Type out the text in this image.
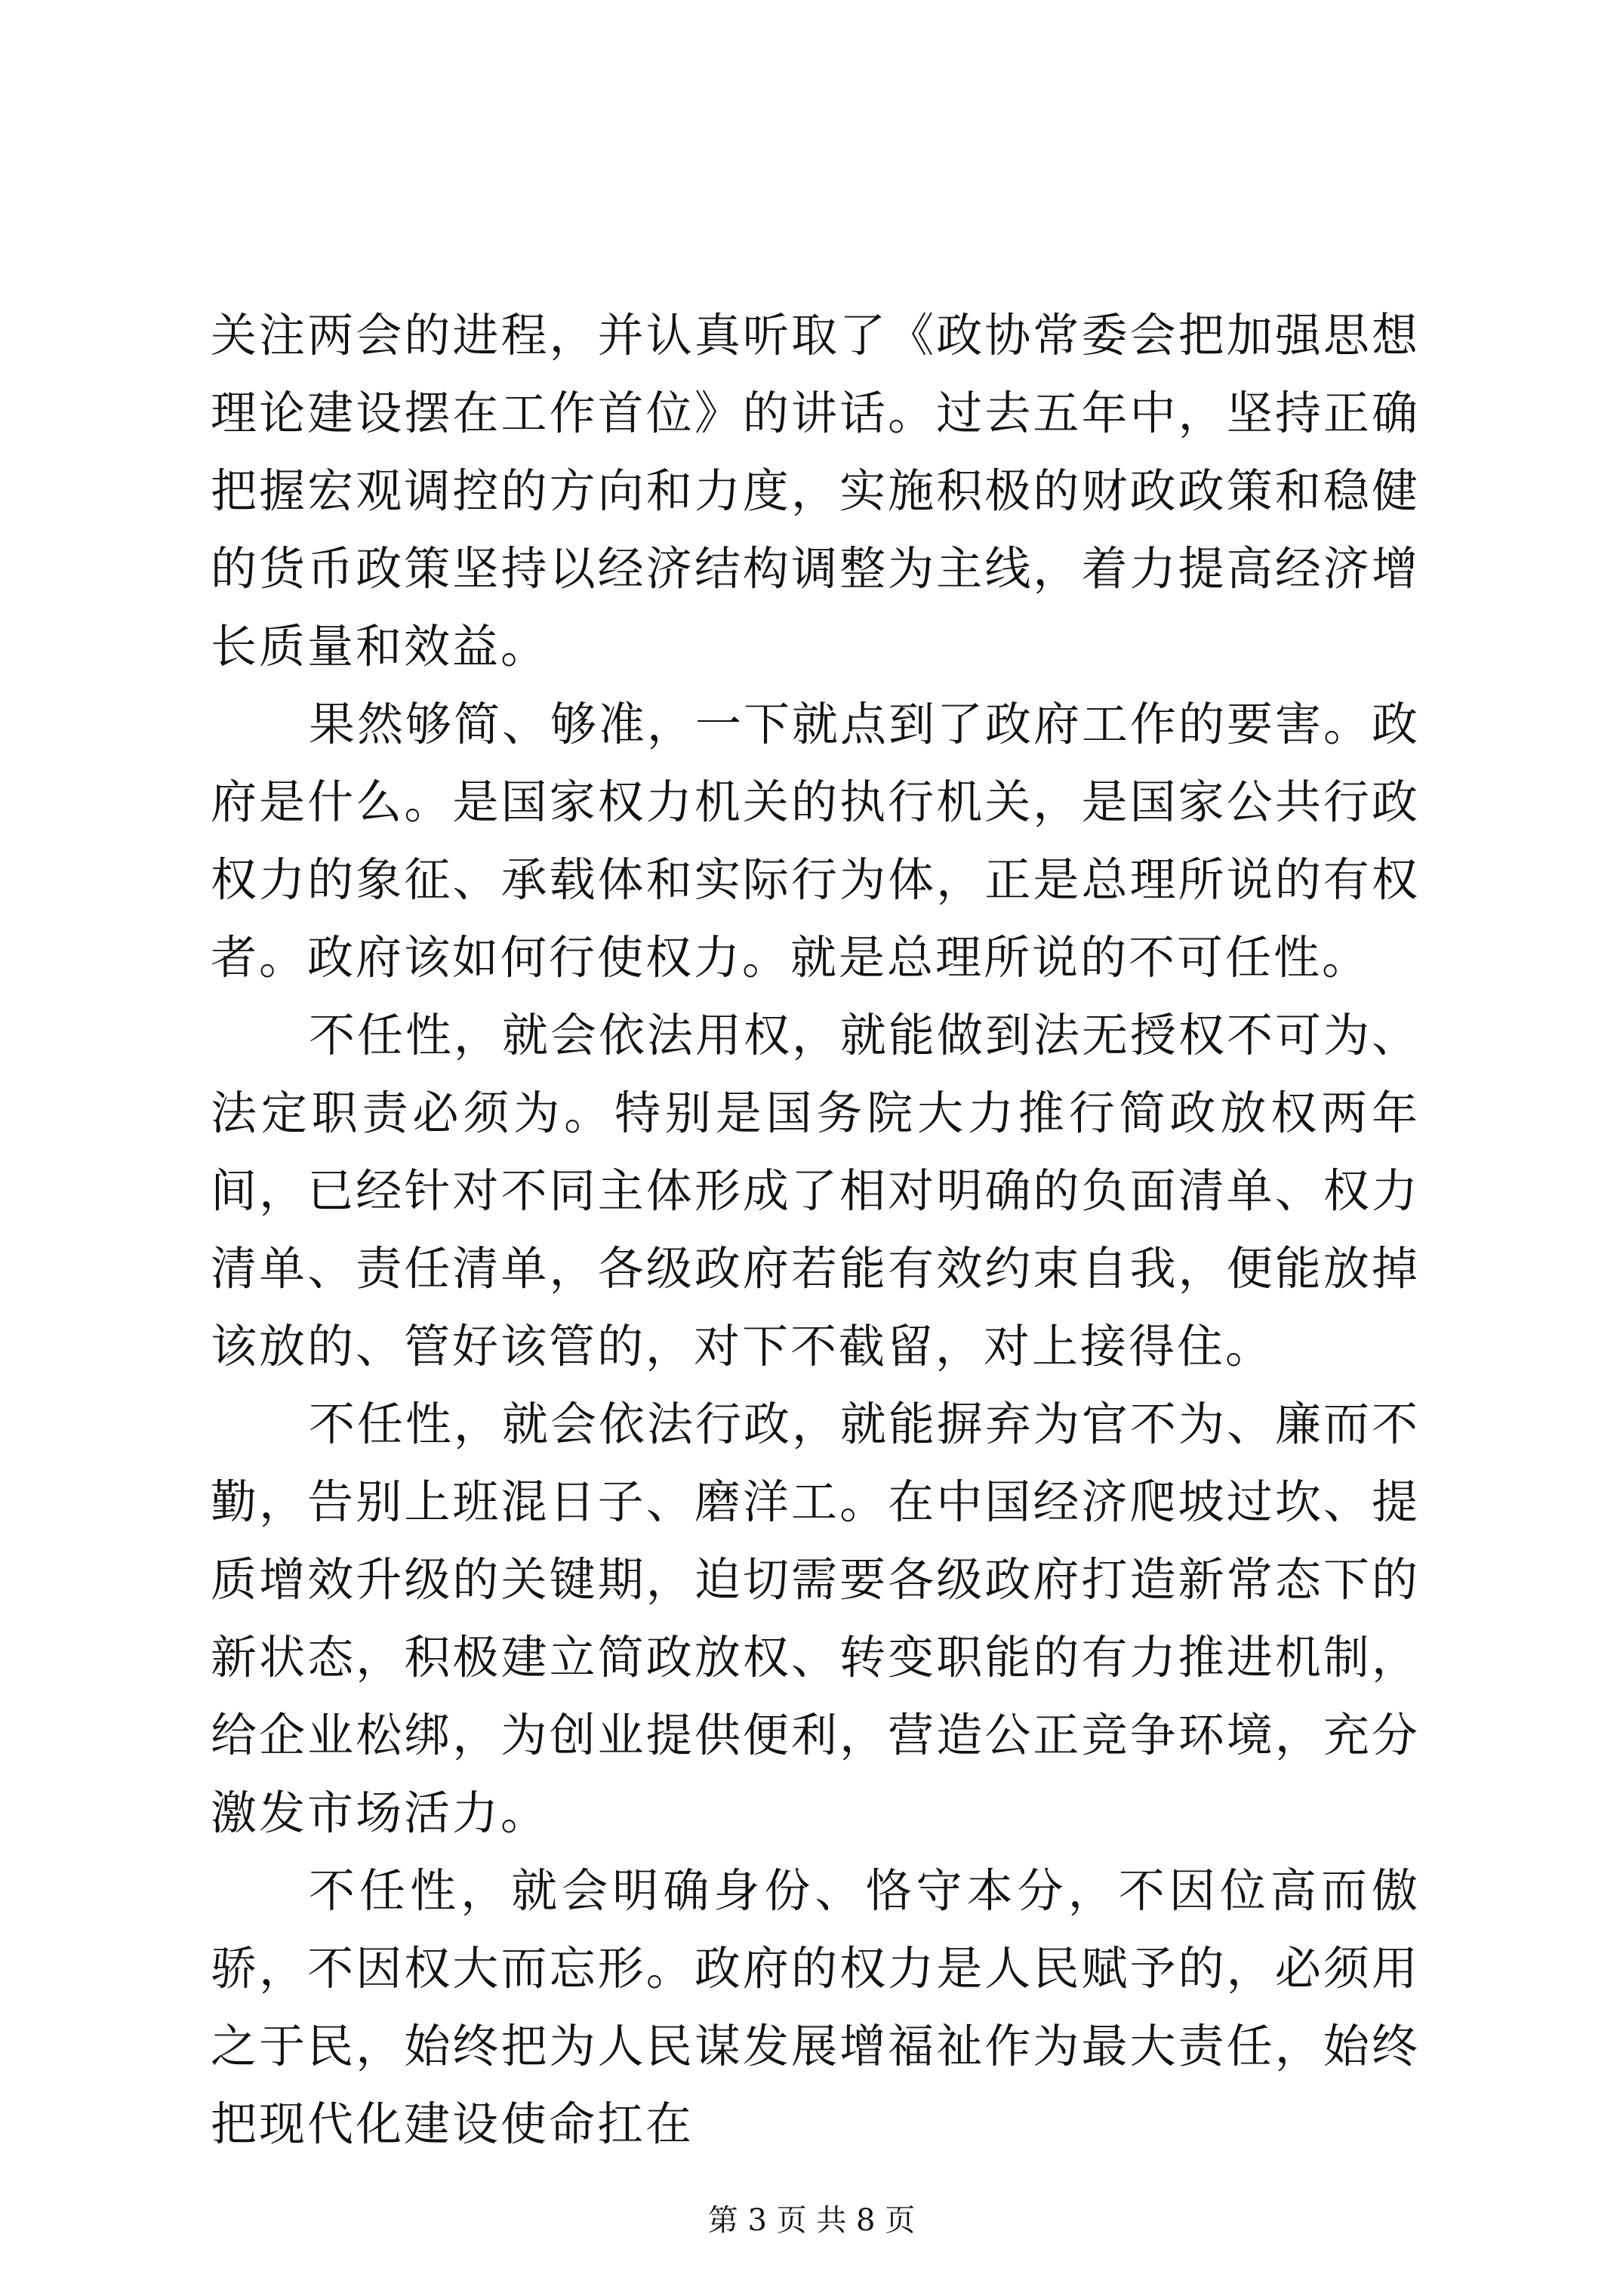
关注两会的进程，并认真听取了《政协常委会把加强思想理论建设摆在工作首位》的讲话。过去五年中，坚持正确把握宏观调控的方向和力度，实施积极的财政政策和稳健的货币政策坚持以经济结构调整为主线，着力提高经济增长质量和效益。

果然够简、够准，一下就点到了政府工作的要害。政府是什么。是国家权力机关的执行机关，是国家公共行政权力的象征、承载体和实际行为体，正是总理所说的有权者。政府该如何行使权力。就是总理所说的不可任性。

不任性，就会依法用权，就能做到法无授权不可为、法定职责必须为。特别是国务院大力推行简政放权两年间，已经针对不同主体形成了相对明确的负面清单、权力清单、责任清单，各级政府若能有效约束自我，便能放掉该放的、管好该管的，对下不截留，对上接得住。

不任性，就会依法行政，就能摒弃为官不为、廉而不勤，告别上班混日子、磨洋工。在中国经济爬坡过坎、提质增效升级的关键期，迫切需要各级政府打造新常态下的新状态，积极建立简政放权、转变职能的有力推进机制，给企业松绑，为创业提供便利，营造公正竞争环境，充分激发市场活力。

不任性，就会明确身份、恪守本分，不因位高而傲骄，不因权大而忘形。政府的权力是人民赋予的，必须用之于民，始终把为人民谋发展增福祉作为最大责任，始终把现代化建设使命扛在

第 3 页 共 8 页
